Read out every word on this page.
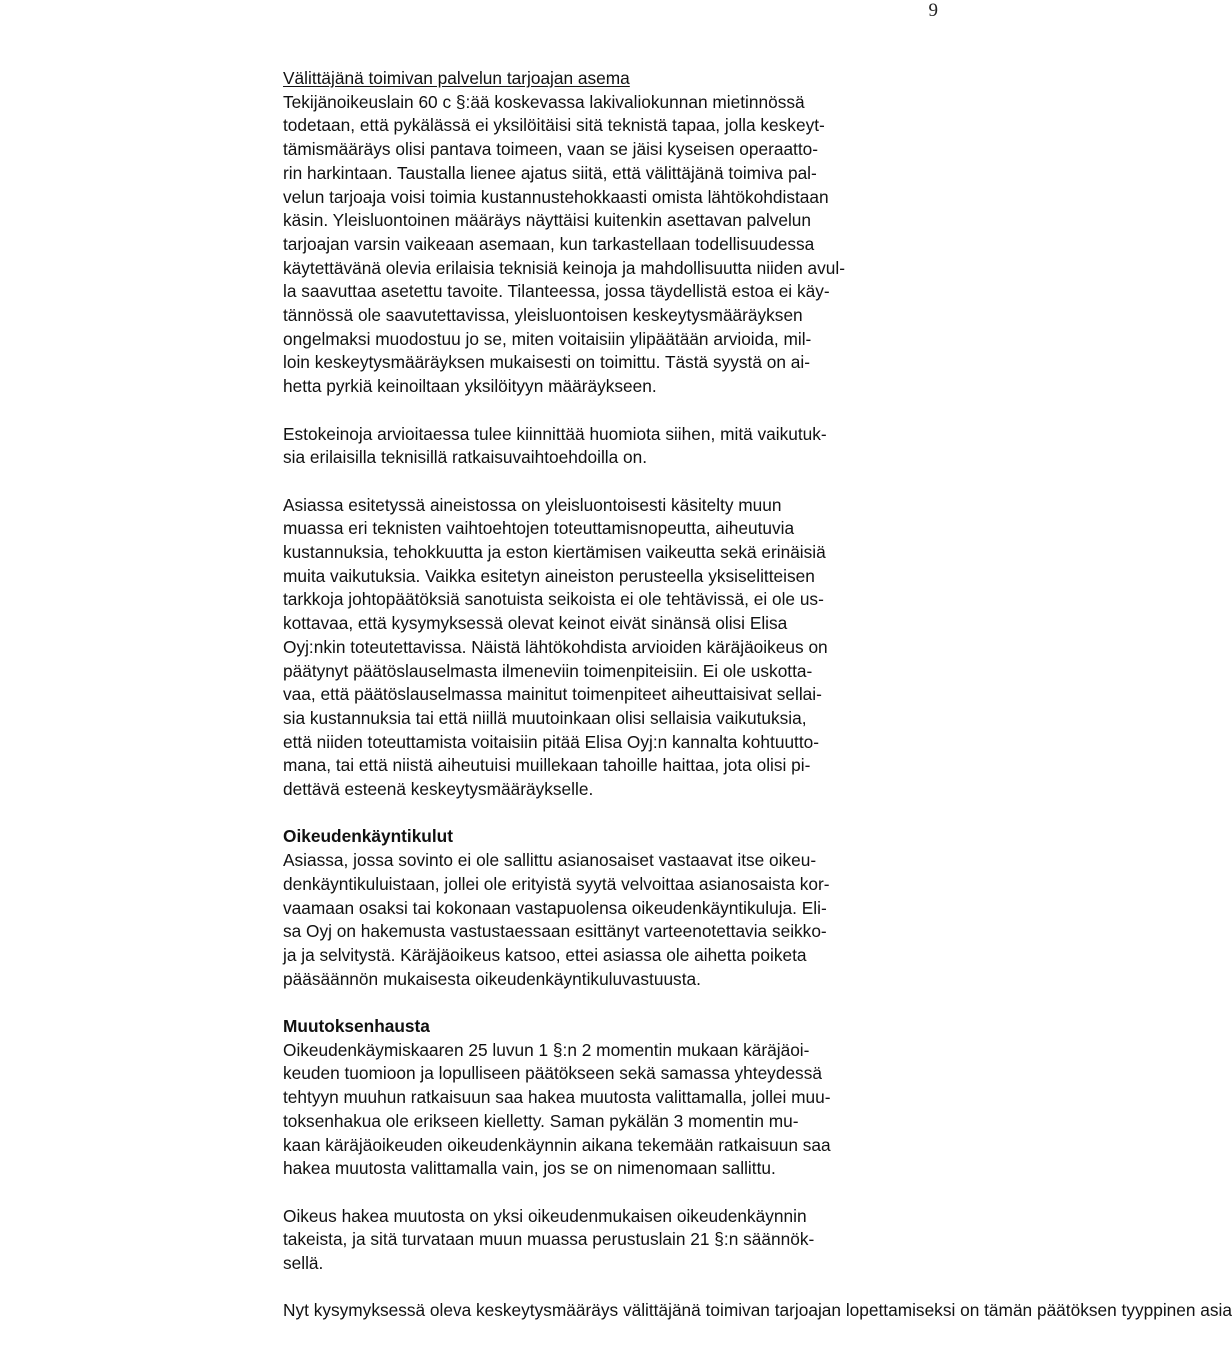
9
Välittäjänä toimivan palvelun tarjoajan asema
Tekijänoikeuslain 60 c §:ää koskevassa lakivaliokunnan mietinnössä
todetaan, että pykälässä ei yksilöitäisi sitä teknistä tapaa, jolla keskeyt-
tämismääräys olisi pantava toimeen, vaan se jäisi kyseisen operaatto-
rin harkintaan. Taustalla lienee ajatus siitä, että välittäjänä toimiva pal-
velun tarjoaja voisi toimia kustannustehokkaasti omista lähtökohdistaan
käsin. Yleisluontoinen määräys näyttäisi kuitenkin asettavan palvelun
tarjoajan varsin vaikeaan asemaan, kun tarkastellaan todellisuudessa
käytettävänä olevia erilaisia teknisiä keinoja ja mahdollisuutta niiden avul-
la saavuttaa asetettu tavoite. Tilanteessa, jossa täydellistä estoa ei käy-
tännössä ole saavutettavissa, yleisluontoisen keskeytysmääräyksen
ongelmaksi muodostuu jo se, miten voitaisiin ylipäätään arvioida, mil-
loin keskeytysmääräyksen mukaisesti on toimittu. Tästä syystä on ai-
hetta pyrkiä keinoiltaan yksilöityyn määräykseen.
Estokeinoja arvioitaessa tulee kiinnittää huomiota siihen, mitä vaikutuk-
sia erilaisilla teknisillä ratkaisuvaihtoehdoilla on.
Asiassa esitetyssä aineistossa on yleisluontoisesti käsitelty muun
muassa eri teknisten vaihtoehtojen toteuttamisnopeutta, aiheutuvia
kustannuksia, tehokkuutta ja eston kiertämisen vaikeutta sekä erinäisiä
muita vaikutuksia. Vaikka esitetyn aineiston perusteella yksiselitteisen
tarkkoja johtopäätöksiä sanotuista seikoista ei ole tehtävissä, ei ole us-
kottavaa, että kysymyksessä olevat keinot eivät sinänsä olisi Elisa
Oyj:nkin toteutettavissa. Näistä lähtökohdista arvioiden käräjäoikeus on
päätynyt päätöslauselmasta ilmeneviin toimenpiteisiin. Ei ole uskotta-
vaa, että päätöslauselmassa mainitut toimenpiteet aiheuttaisivat sellai-
sia kustannuksia tai että niillä muutoinkaan olisi sellaisia vaikutuksia,
että niiden toteuttamista voitaisiin pitää Elisa Oyj:n kannalta kohtuutto-
mana, tai että niistä aiheutuisi muillekaan tahoille haittaa, jota olisi pi-
dettävä esteenä keskeytysmääräykselle.
Oikeudenkäyntikulut
Asiassa, jossa sovinto ei ole sallittu asianosaiset vastaavat itse oikeu-
denkäyntikuluistaan, jollei ole erityistä syytä velvoittaa asianosaista kor-
vaamaan osaksi tai kokonaan vastapuolensa oikeudenkäyntikuluja. Eli-
sa Oyj on hakemusta vastustaessaan esittänyt varteenotettavia seikko-
ja ja selvitystä. Käräjäoikeus katsoo, ettei asiassa ole aihetta poiketa
pääsäännön mukaisesta oikeudenkäyntikuluvastuusta.
Muutoksenhausta
Oikeudenkäymiskaaren 25 luvun 1 §:n 2 momentin mukaan käräjäoi-
keuden tuomioon ja lopulliseen päätökseen sekä samassa yhteydessä
tehtyyn muuhun ratkaisuun saa hakea muutosta valittamalla, jollei muu-
toksenhakua ole erikseen kielletty. Saman pykälän 3 momentin mu-
kaan käräjäoikeuden oikeudenkäynnin aikana tekemään ratkaisuun saa
hakea muutosta valittamalla vain, jos se on nimenomaan sallittu.
Oikeus hakea muutosta on yksi oikeudenmukaisen oikeudenkäynnin
takeista, ja sitä turvataan muun muassa perustuslain 21 §:n säännök-
sellä.
Nyt kysymyksessä oleva keskeytysmääräys välittäjänä toimivan tarjoajan lopettamiseksi on tämän päätöksen tyyppinen asia
